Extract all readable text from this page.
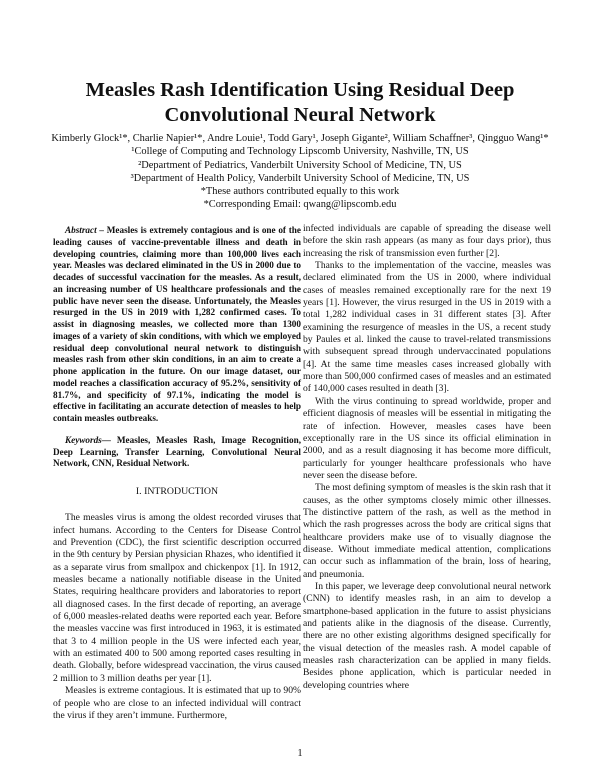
Measles Rash Identification Using Residual Deep
Convolutional Neural Network

Kimberly Glock¹*, Charlie Napier¹*, Andre Louie¹, Todd Gary¹, Joseph Gigante², William Schaffner³, Qingguo Wang¹*

¹College of Computing and Technology Lipscomb University, Nashville, TN, US

²Department of Pediatrics, Vanderbilt University School of Medicine, TN, US

³Department of Health Policy, Vanderbilt University School of Medicine, TN, US

*These authors contributed equally to this work

*Corresponding Email: qwang@lipscomb.edu

Abstract – Measles is extremely contagious and is one of the leading causes of vaccine-preventable illness and death in developing countries, claiming more than 100,000 lives each year. Measles was declared eliminated in the US in 2000 due to decades of successful vaccination for the measles. As a result, an increasing number of US healthcare professionals and the public have never seen the disease. Unfortunately, the Measles resurged in the US in 2019 with 1,282 confirmed cases. To assist in diagnosing measles, we collected more than 1300 images of a variety of skin conditions, with which we employed residual deep convolutional neural network to distinguish measles rash from other skin conditions, in an aim to create a phone application in the future. On our image dataset, our model reaches a classification accuracy of 95.2%, sensitivity of 81.7%, and specificity of 97.1%, indicating the model is effective in facilitating an accurate detection of measles to help contain measles outbreaks.

Keywords— Measles, Measles Rash, Image Recognition, Deep Learning, Transfer Learning, Convolutional Neural Network, CNN, Residual Network.

I. INTRODUCTION

The measles virus is among the oldest recorded viruses that infect humans. According to the Centers for Disease Control and Prevention (CDC), the first scientific description occurred in the 9th century by Persian physician Rhazes, who identified it as a separate virus from smallpox and chickenpox [1]. In 1912, measles became a nationally notifiable disease in the United States, requiring healthcare providers and laboratories to report all diagnosed cases. In the first decade of reporting, an average of 6,000 measles-related deaths were reported each year. Before the measles vaccine was first introduced in 1963, it is estimated that 3 to 4 million people in the US were infected each year, with an estimated 400 to 500 among reported cases resulting in death. Globally, before widespread vaccination, the virus caused 2 million to 3 million deaths per year [1].

Measles is extreme contagious. It is estimated that up to 90% of people who are close to an infected individual will contract the virus if they aren’t immune. Furthermore,

infected individuals are capable of spreading the disease well before the skin rash appears (as many as four days prior), thus increasing the risk of transmission even further [2].

Thanks to the implementation of the vaccine, measles was declared eliminated from the US in 2000, where individual cases of measles remained exceptionally rare for the next 19 years [1]. However, the virus resurged in the US in 2019 with a total 1,282 individual cases in 31 different states [3]. After examining the resurgence of measles in the US, a recent study by Paules et al. linked the cause to travel-related transmissions with subsequent spread through undervaccinated populations [4]. At the same time measles cases increased globally with more than 500,000 confirmed cases of measles and an estimated of 140,000 cases resulted in death [3].

With the virus continuing to spread worldwide, proper and efficient diagnosis of measles will be essential in mitigating the rate of infection. However, measles cases have been exceptionally rare in the US since its official elimination in 2000, and as a result diagnosing it has become more difficult, particularly for younger healthcare professionals who have never seen the disease before.

The most defining symptom of measles is the skin rash that it causes, as the other symptoms closely mimic other illnesses. The distinctive pattern of the rash, as well as the method in which the rash progresses across the body are critical signs that healthcare providers make use of to visually diagnose the disease. Without immediate medical attention, complications can occur such as inflammation of the brain, loss of hearing, and pneumonia.

In this paper, we leverage deep convolutional neural network (CNN) to identify measles rash, in an aim to develop a smartphone-based application in the future to assist physicians and patients alike in the diagnosis of the disease. Currently, there are no other existing algorithms designed specifically for the visual detection of the measles rash. A model capable of measles rash characterization can be applied in many fields. Besides phone application, which is particular needed in developing countries where

1
